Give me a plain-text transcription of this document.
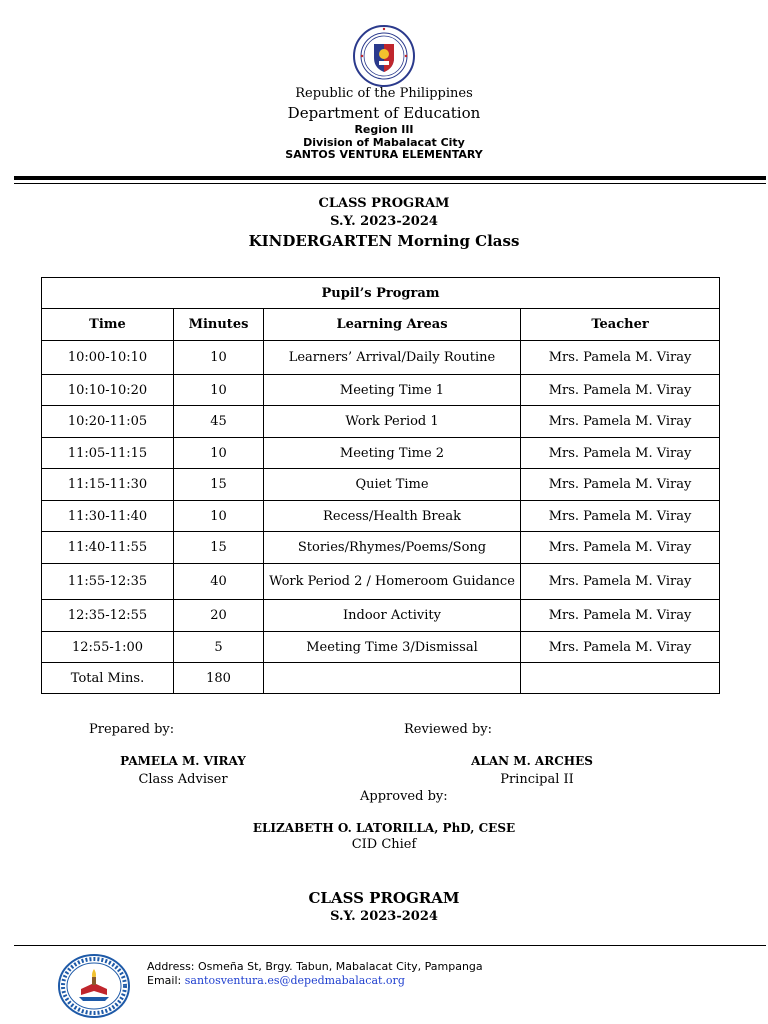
Republic of the Philippines
Department of Education
Region III
Division of Mabalacat City
SANTOS VENTURA ELEMENTARY
CLASS PROGRAM
S.Y. 2023-2024
KINDERGARTEN Morning Class
Pupil’s Program			
Time	Minutes	Learning Areas	Teacher
10:00-10:10	10	Learners’ Arrival/Daily Routine	Mrs. Pamela M. Viray
10:10-10:20	10	Meeting Time 1	Mrs. Pamela M. Viray
10:20-11:05	45	Work Period 1	Mrs. Pamela M. Viray
11:05-11:15	10	Meeting Time 2	Mrs. Pamela M. Viray
11:15-11:30	15	Quiet Time	Mrs. Pamela M. Viray
11:30-11:40	10	Recess/Health Break	Mrs. Pamela M. Viray
11:40-11:55	15	Stories/Rhymes/Poems/Song	Mrs. Pamela M. Viray
11:55-12:35	40	Work Period 2 / Homeroom Guidance	Mrs. Pamela M. Viray
12:35-12:55	20	Indoor Activity	Mrs. Pamela M. Viray
12:55-1:00	5	Meeting Time 3/Dismissal	Mrs. Pamela M. Viray
Total Mins.	180		
Prepared by:	Reviewed by:
PAMELA M. VIRAY
Class Adviser
ALAN M. ARCHES
Principal II
Approved by:
ELIZABETH O. LATORILLA, PhD, CESE
CID Chief
CLASS PROGRAM
S.Y. 2023-2024
Address: Osmeña St, Brgy. Tabun, Mabalacat City, Pampanga
Email: santosventura.es@depedmabalacat.org
